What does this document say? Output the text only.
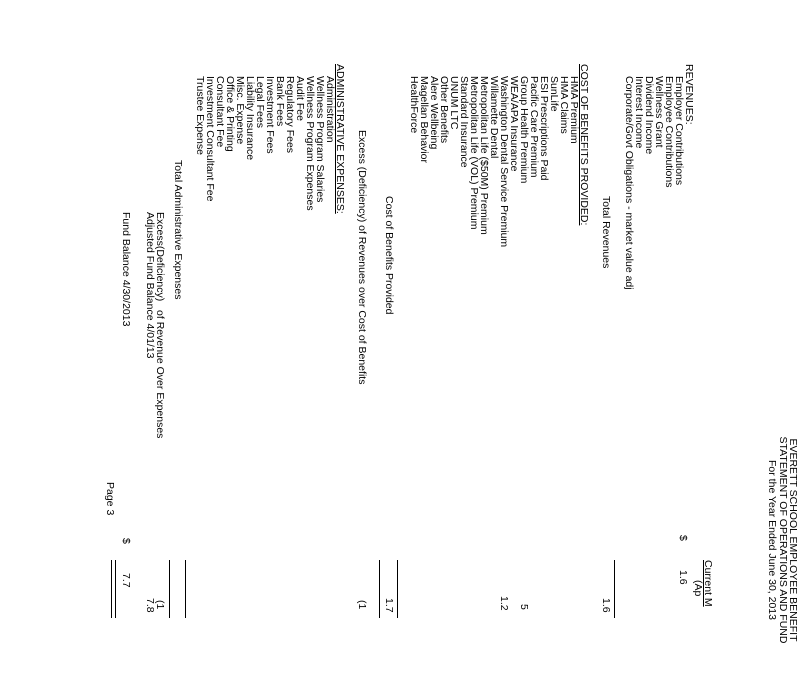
EVERETT SCHOOL EMPLOYEE BENEFIT
STATEMENT OF OPERATIONS AND FUND
For the Year Ended June 30, 2013
Current M
(Ap
REVENUES:
Employer Contributions
$          1.6
Employee Contributions
Wellness Grant
Dividend Income
Interest Income
Corporate/Govt Obligations - market value adj
Total Revenues
1.6
COST OF BENEFITS PROVIDED:
HMA Premium
HMA Claims
SunLife
ESI Prescriptions Paid
Pacific Care Premium
Group Health Premium
5
WEA/APA Insurance
Washington Dental Service Premium
1.2
Willamette Dental
Metropolitan Life ($50M) Premium
Metropolitan Life (VOL) Premium
Standard Insurance
UNUM LTC
Other Benefits
Alere Wellbeing
Magellan Behavior
HealthForce
Cost of Benefits Provided
1.7
Excess (Deficiency) of Revenues over Cost of Benefits
(1
ADMINISTRATIVE EXPENSES:
Administration
Wellness Program Salaries
Wellness Program Expenses
Audit Fee
Regulatory Fees
Bank Fees
Investment Fees
Legal Fees
Liability Insurance
Misc. Expense
Office & Printing
Consultant Fee
Investment Consultant Fee
Trustee Expense
Total Administrative Expenses
Excess(Deficiency)   of Revenue Over Expenses
(1
Adjusted Fund Balance 4/01/13
7.8
Fund Balance 4/30/2013
$          7.7
Page 3
